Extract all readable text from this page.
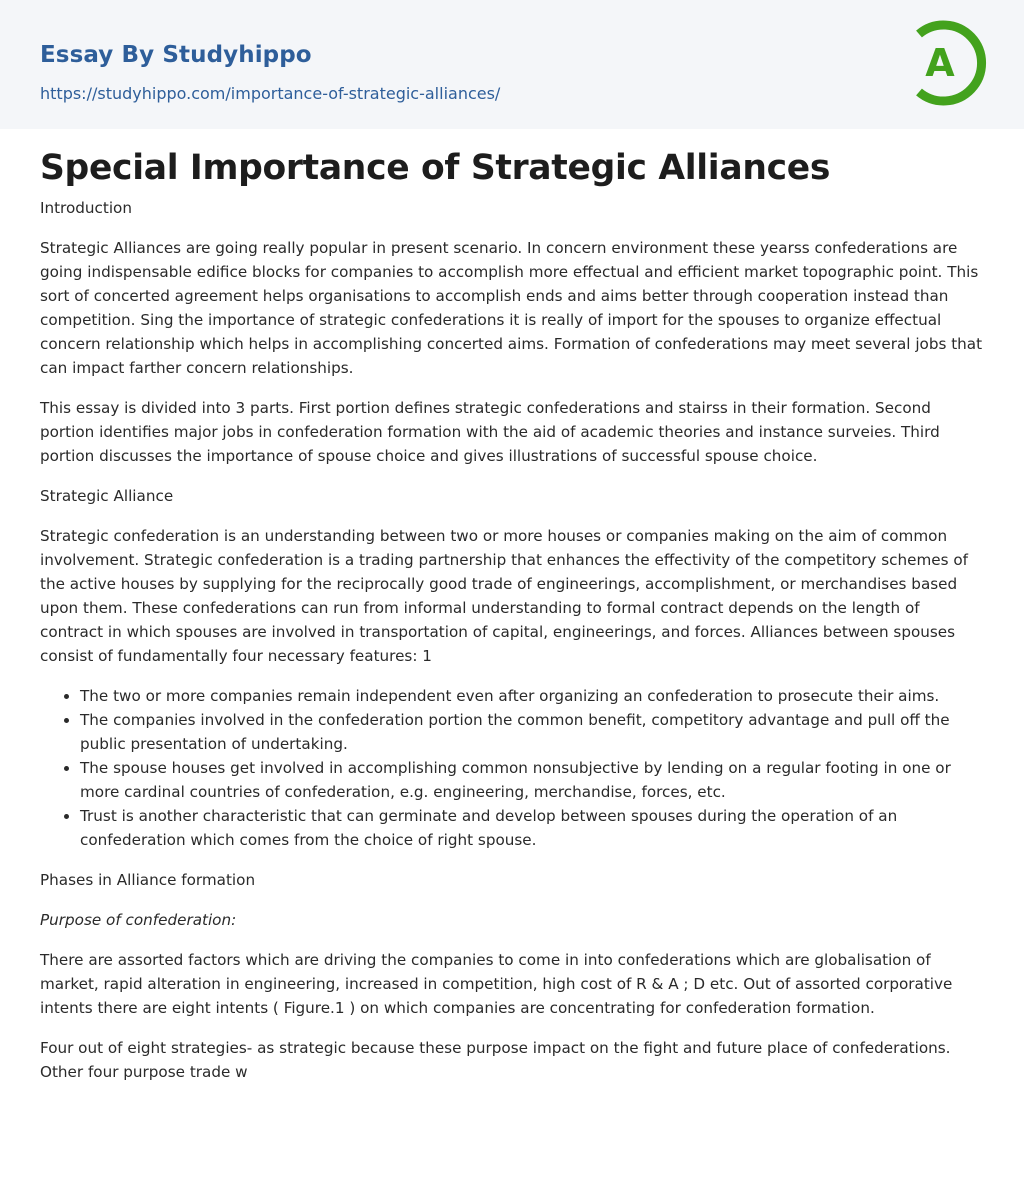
Essay By Studyhippo
https://studyhippo.com/importance-of-strategic-alliances/
A
Special Importance of Strategic Alliances

Introduction

Strategic Alliances are going really popular in present scenario. In concern environment these yearss confederations are going indispensable edifice blocks for companies to accomplish more effectual and efficient market topographic point. This sort of concerted agreement helps organisations to accomplish ends and aims better through cooperation instead than competition. Sing the importance of strategic confederations it is really of import for the spouses to organize effectual concern relationship which helps in accomplishing concerted aims. Formation of confederations may meet several jobs that can impact farther concern relationships.

This essay is divided into 3 parts. First portion defines strategic confederations and stairss in their formation. Second portion identifies major jobs in confederation formation with the aid of academic theories and instance surveies. Third portion discusses the importance of spouse choice and gives illustrations of successful spouse choice.

Strategic Alliance

Strategic confederation is an understanding between two or more houses or companies making on the aim of common involvement. Strategic confederation is a trading partnership that enhances the effectivity of the competitory schemes of the active houses by supplying for the reciprocally good trade of engineerings, accomplishment, or merchandises based upon them. These confederations can run from informal understanding to formal contract depends on the length of contract in which spouses are involved in transportation of capital, engineerings, and forces. Alliances between spouses consist of fundamentally four necessary features: 1

• The two or more companies remain independent even after organizing an confederation to prosecute their aims.
• The companies involved in the confederation portion the common benefit, competitory advantage and pull off the public presentation of undertaking.
• The spouse houses get involved in accomplishing common nonsubjective by lending on a regular footing in one or more cardinal countries of confederation, e.g. engineering, merchandise, forces, etc.
• Trust is another characteristic that can germinate and develop between spouses during the operation of an confederation which comes from the choice of right spouse.

Phases in Alliance formation

Purpose of confederation:

There are assorted factors which are driving the companies to come in into confederations which are globalisation of market, rapid alteration in engineering, increased in competition, high cost of R & A ; D etc. Out of assorted corporative intents there are eight intents ( Figure.1 ) on which companies are concentrating for confederation formation.

Four out of eight strategies- as strategic because these purpose impact on the fight and future place of confederations. Other four purpose trade w
